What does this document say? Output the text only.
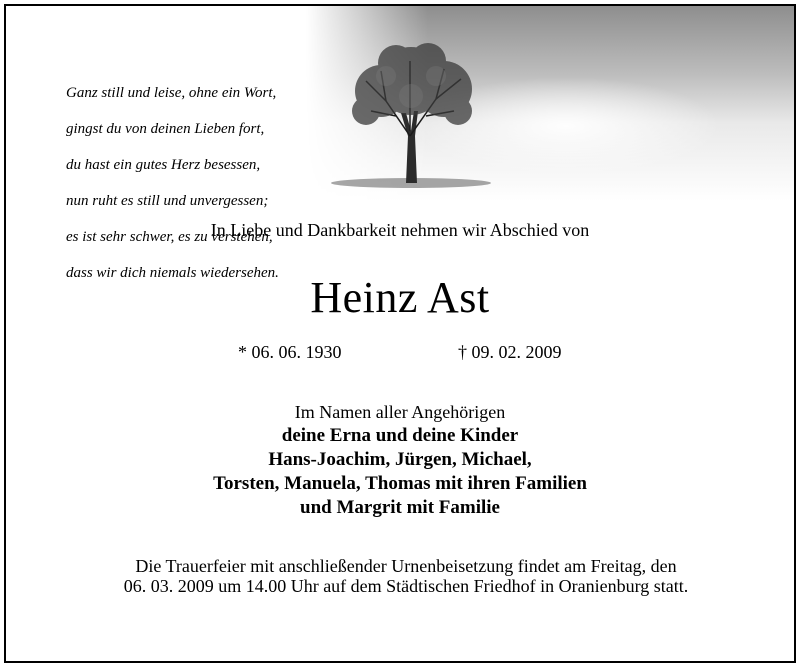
Ganz still und leise, ohne ein Wort,

gingst du von deinen Lieben fort,

du hast ein gutes Herz besessen,

nun ruht es still und unvergessen;

es ist sehr schwer, es zu verstehen,

dass wir dich niemals wiedersehen.

In Liebe und Dankbarkeit nehmen wir Abschied von
Heinz Ast
* 06. 06. 1930	† 09. 02. 2009
Im Namen aller Angehörigen
deine Erna und deine Kinder
Hans-Joachim, Jürgen, Michael,
Torsten, Manuela, Thomas mit ihren Familien
und Margrit mit Familie
Die Trauerfeier mit anschließender Urnenbeisetzung findet am Freitag, den
06. 03. 2009 um 14.00 Uhr auf dem Städtischen Friedhof in Oranienburg statt.
